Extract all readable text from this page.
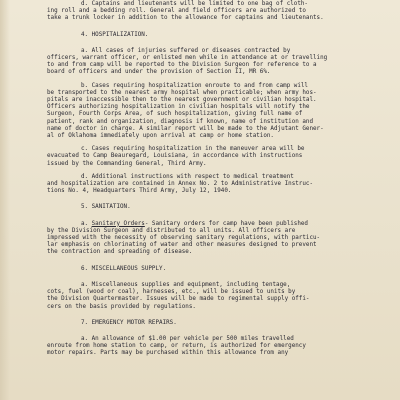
d. Captains and lieutenants will be limited to one bag of cloth-
ing roll and a bedding roll. General and field officers are authorized to
take a trunk locker in addition to the allowance for captains and lieutenants.

4. HOSPITALIZATION.

a. All cases of injuries suffered or diseases contracted by
officers, warrant officer, or enlisted men while in attendance at or travelling
to and from camp will be reported to the Division Surgeon for reference to a
board of officers and under the provision of Section II, MR 6%.

b. Cases requiring hospitalization enroute to and from camp will
be transported to the nearest army hospital when practicable; when army hos-
pitals are inaccessible then to the nearest government or civilian hospital.
Officers authorizing hospitalization in civilian hospitals will notify the
Surgeon, Fourth Corps Area, of such hospitalization, giving full name of
patient, rank and organization, diagnosis if known, name of institution and
name of doctor in charge. A similar report will be made to the Adjutant Gener-
al of Oklahoma immediately upon arrival at camp or home station.

c. Cases requiring hospitalization in the maneuver area will be
evacuated to Camp Beauregard, Louisiana, in accordance with instructions
issued by the Commanding General, Third Army.

d. Additional instructions with respect to medical treatment
and hospitalization are contained in Annex No. 2 to Administrative Instruc-
tions No. 4, Headquarters Third Army, July 12, 1940.

5. SANITATION.

a. Sanitary Orders- Sanitary orders for camp have been published
by the Division Surgeon and distributed to all units. All officers are
impressed with the necessity of observing sanitary regulations, with particu-
lar emphasis on chlorinating of water and other measures designed to prevent
the contraction and spreading of disease.

6. MISCELLANEOUS SUPPLY.

a. Miscellaneous supplies and equipment, including tentage,
cots, fuel (wood or coal), harnesses, etc., will be issued to units by
the Division Quartermaster. Issues will be made to regimental supply offi-
cers on the basis provided by regulations.

7. EMERGENCY MOTOR REPAIRS.

a. An allowance of $1.00 per vehicle per 500 miles travelled
enroute from home station to camp, or return, is authorized for emergency
motor repairs. Parts may be purchased within this allowance from any
